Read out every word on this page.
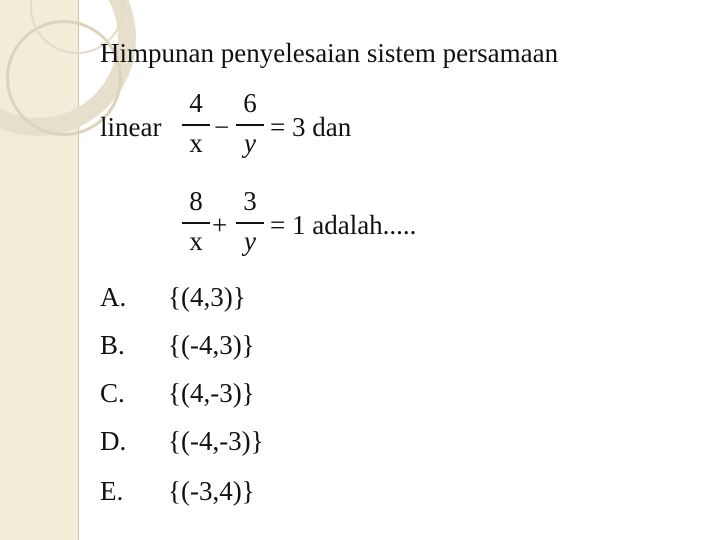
Himpunan penyelesaian sistem persamaan
linear
4
x
−
6
y
= 3 dan
8
x
+
3
y
= 1 adalah.....
A. {(4,3)}
B. {(-4,3)}
C. {(4,-3)}
D. {(-4,-3)}
E. {(-3,4)}
